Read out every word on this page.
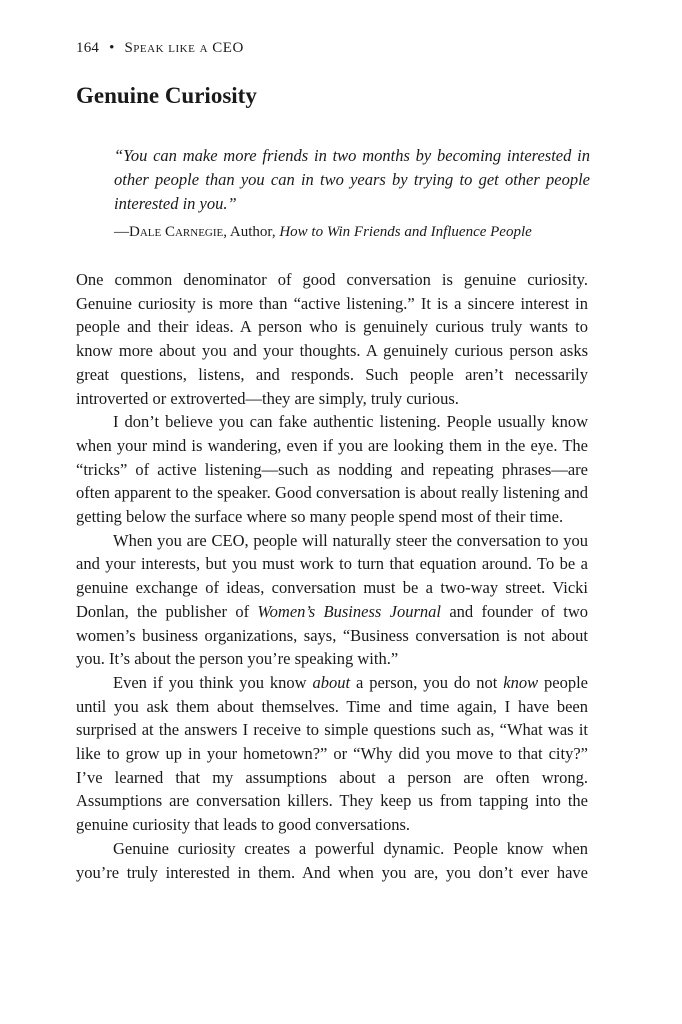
164 • Speak like a CEO
Genuine Curiosity
“You can make more friends in two months by becoming interested in other people than you can in two years by trying to get other people interested in you.”
—Dale Carnegie, Author, How to Win Friends and Influence People

One common denominator of good conversation is genuine curiosity. Genuine curiosity is more than “active listening.” It is a sincere interest in people and their ideas. A person who is genuinely curious truly wants to know more about you and your thoughts. A genuinely curious person asks great questions, listens, and responds. Such people aren’t necessarily introverted or extroverted—they are simply, truly curious.

I don’t believe you can fake authentic listening. People usually know when your mind is wandering, even if you are looking them in the eye. The “tricks” of active listening—such as nodding and repeating phrases—are often apparent to the speaker. Good conversation is about really listening and getting below the surface where so many people spend most of their time.

When you are CEO, people will naturally steer the conversation to you and your interests, but you must work to turn that equation around. To be a genuine exchange of ideas, conversation must be a two-way street. Vicki Donlan, the publisher of Women’s Business Journal and founder of two women’s business organizations, says, “Business conversation is not about you. It’s about the person you’re speaking with.”

Even if you think you know about a person, you do not know people until you ask them about themselves. Time and time again, I have been surprised at the answers I receive to simple questions such as, “What was it like to grow up in your hometown?” or “Why did you move to that city?” I’ve learned that my assumptions about a person are often wrong. Assumptions are conversation killers. They keep us from tapping into the genuine curiosity that leads to good conversations.

Genuine curiosity creates a powerful dynamic. People know when you’re truly interested in them. And when you are, you don’t ever have
